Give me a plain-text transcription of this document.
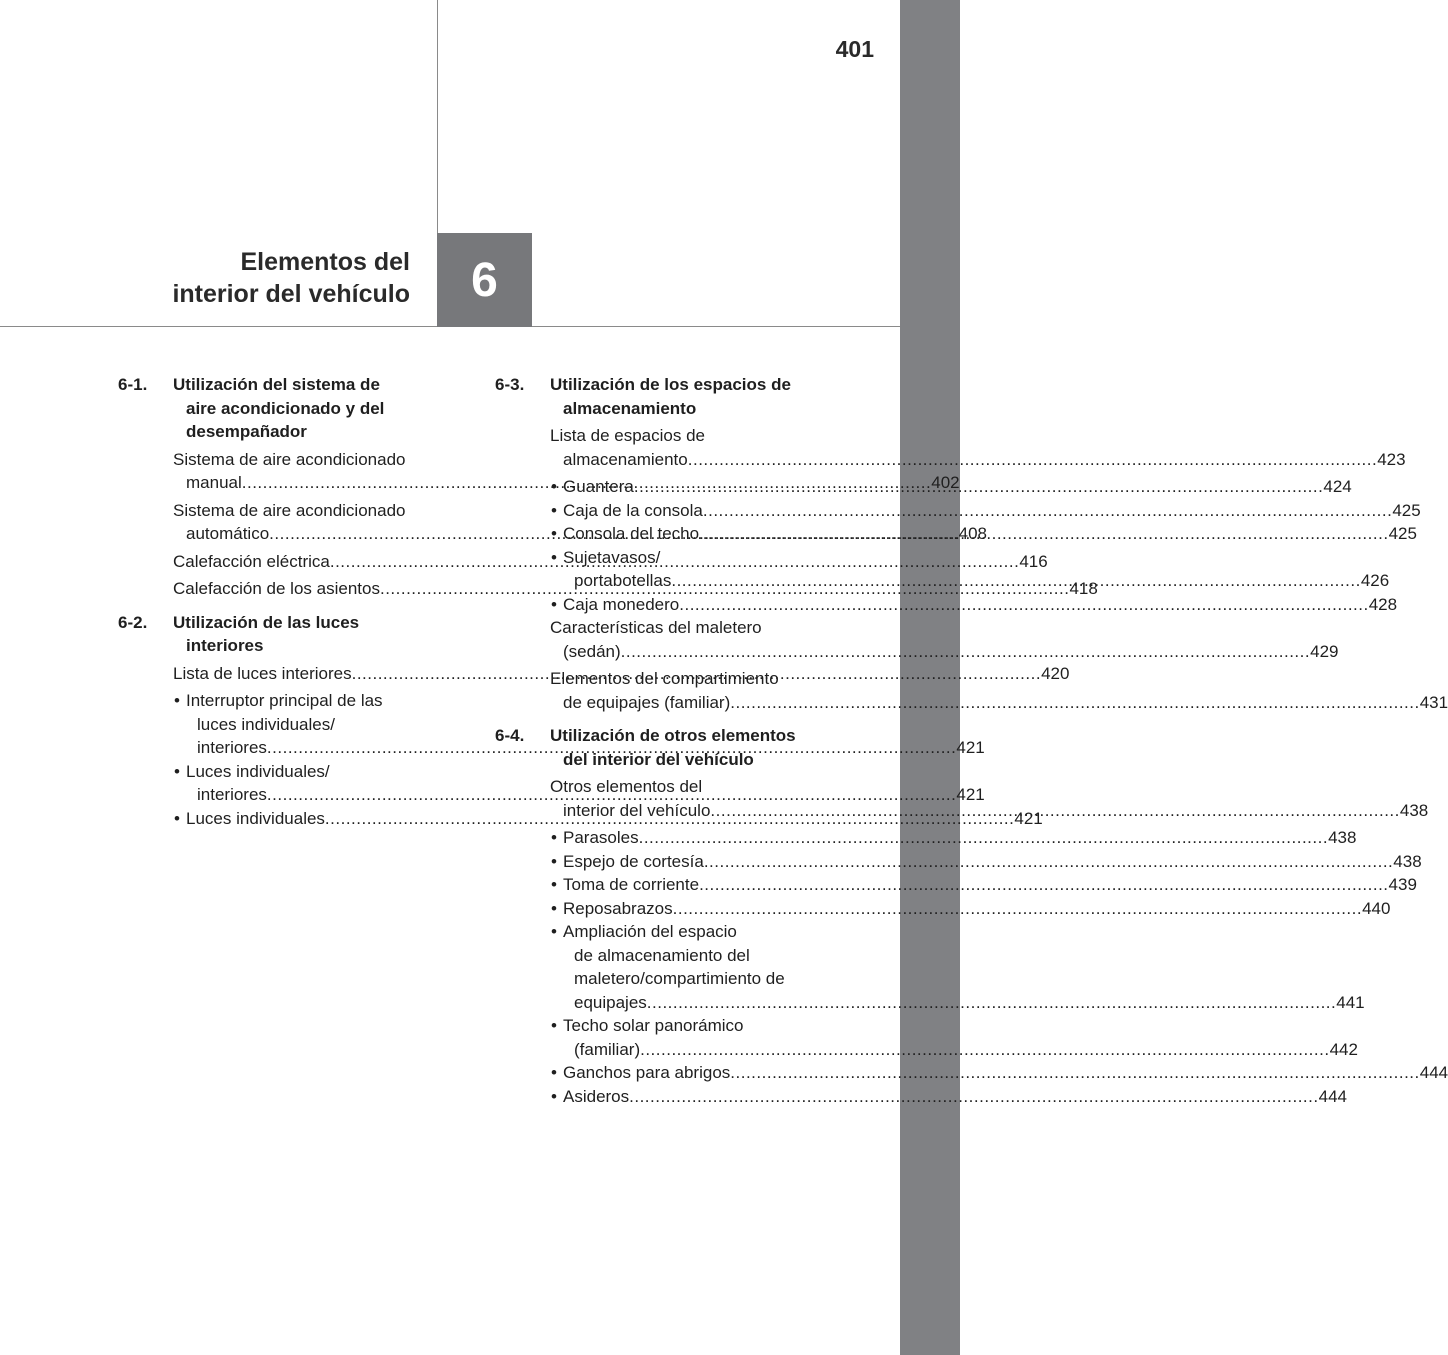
401
Elementos del
interior del vehículo	6
6-1. Utilización del sistema de
aire acondicionado y del
desempañador

Sistema de aire acondicionado
manual .....	402
Sistema de aire acondicionado
automático .....	408
Calefacción eléctrica .....	416
Calefacción de los asientos .....	418
6-2. Utilización de las luces
interiores

Lista de luces interiores .....	420
• Interruptor principal de las
luces individuales/
interiores .....	421
• Luces individuales/
interiores .....	421
• Luces individuales .....	421
6-3. Utilización de los espacios de
almacenamiento

Lista de espacios de
almacenamiento .....	423
• Guantera .....	424
• Caja de la consola .....	425
• Consola del techo .....	425
• Sujetavasos/
portabotellas .....	426
• Caja monedero .....	428
Características del maletero
(sedán) .....	429
Elementos del compartimiento
de equipajes (familiar) .....	431
6-4. Utilización de otros elementos
del interior del vehículo

Otros elementos del
interior del vehículo .....	438
• Parasoles .....	438
• Espejo de cortesía .....	438
• Toma de corriente .....	439
• Reposabrazos .....	440
• Ampliación del espacio
de almacenamiento del
maletero/compartimiento de
equipajes .....	441
• Techo solar panorámico
(familiar) .....	442
• Ganchos para abrigos .....	444
• Asideros .....	444
